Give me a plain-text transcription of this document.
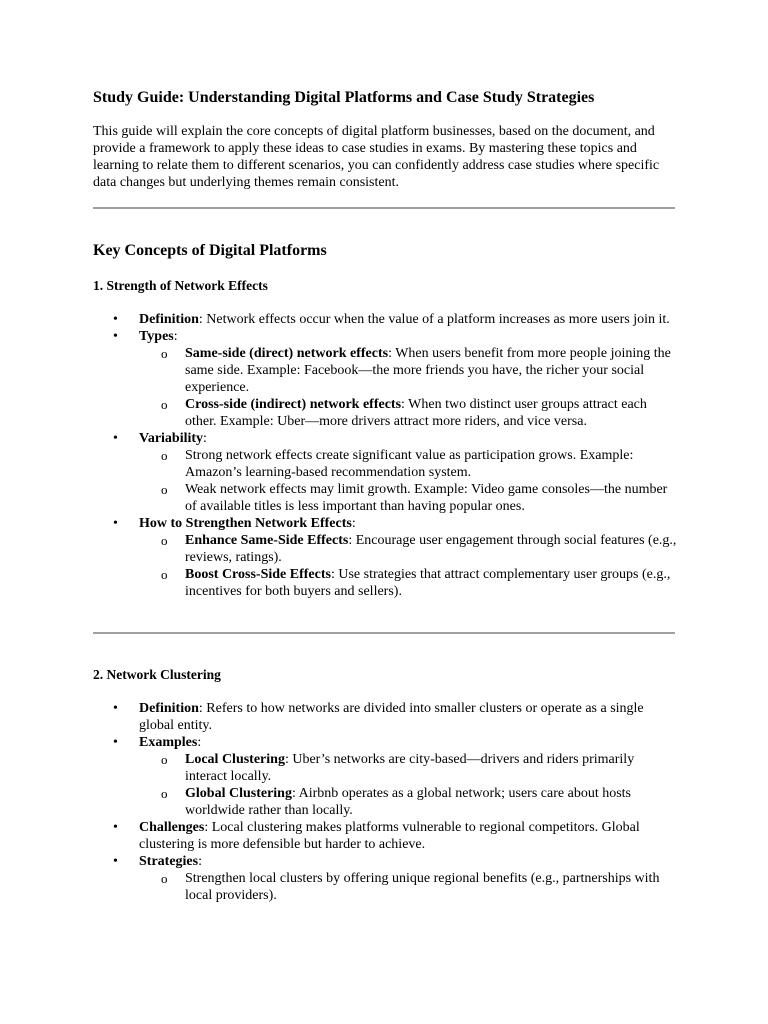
Study Guide: Understanding Digital Platforms and Case Study Strategies
This guide will explain the core concepts of digital platform businesses, based on the document, and provide a framework to apply these ideas to case studies in exams. By mastering these topics and learning to relate them to different scenarios, you can confidently address case studies where specific data changes but underlying themes remain consistent.
Key Concepts of Digital Platforms
1. Strength of Network Effects
• Definition: Network effects occur when the value of a platform increases as more users join it.
• Types:
o Same-side (direct) network effects: When users benefit from more people joining the same side. Example: Facebook—the more friends you have, the richer your social experience.
o Cross-side (indirect) network effects: When two distinct user groups attract each other. Example: Uber—more drivers attract more riders, and vice versa.
• Variability:
o Strong network effects create significant value as participation grows. Example: Amazon’s learning-based recommendation system.
o Weak network effects may limit growth. Example: Video game consoles—the number of available titles is less important than having popular ones.
• How to Strengthen Network Effects:
o Enhance Same-Side Effects: Encourage user engagement through social features (e.g., reviews, ratings).
o Boost Cross-Side Effects: Use strategies that attract complementary user groups (e.g., incentives for both buyers and sellers).
2. Network Clustering
• Definition: Refers to how networks are divided into smaller clusters or operate as a single global entity.
• Examples:
o Local Clustering: Uber’s networks are city-based—drivers and riders primarily interact locally.
o Global Clustering: Airbnb operates as a global network; users care about hosts worldwide rather than locally.
• Challenges: Local clustering makes platforms vulnerable to regional competitors. Global clustering is more defensible but harder to achieve.
• Strategies:
o Strengthen local clusters by offering unique regional benefits (e.g., partnerships with local providers).
